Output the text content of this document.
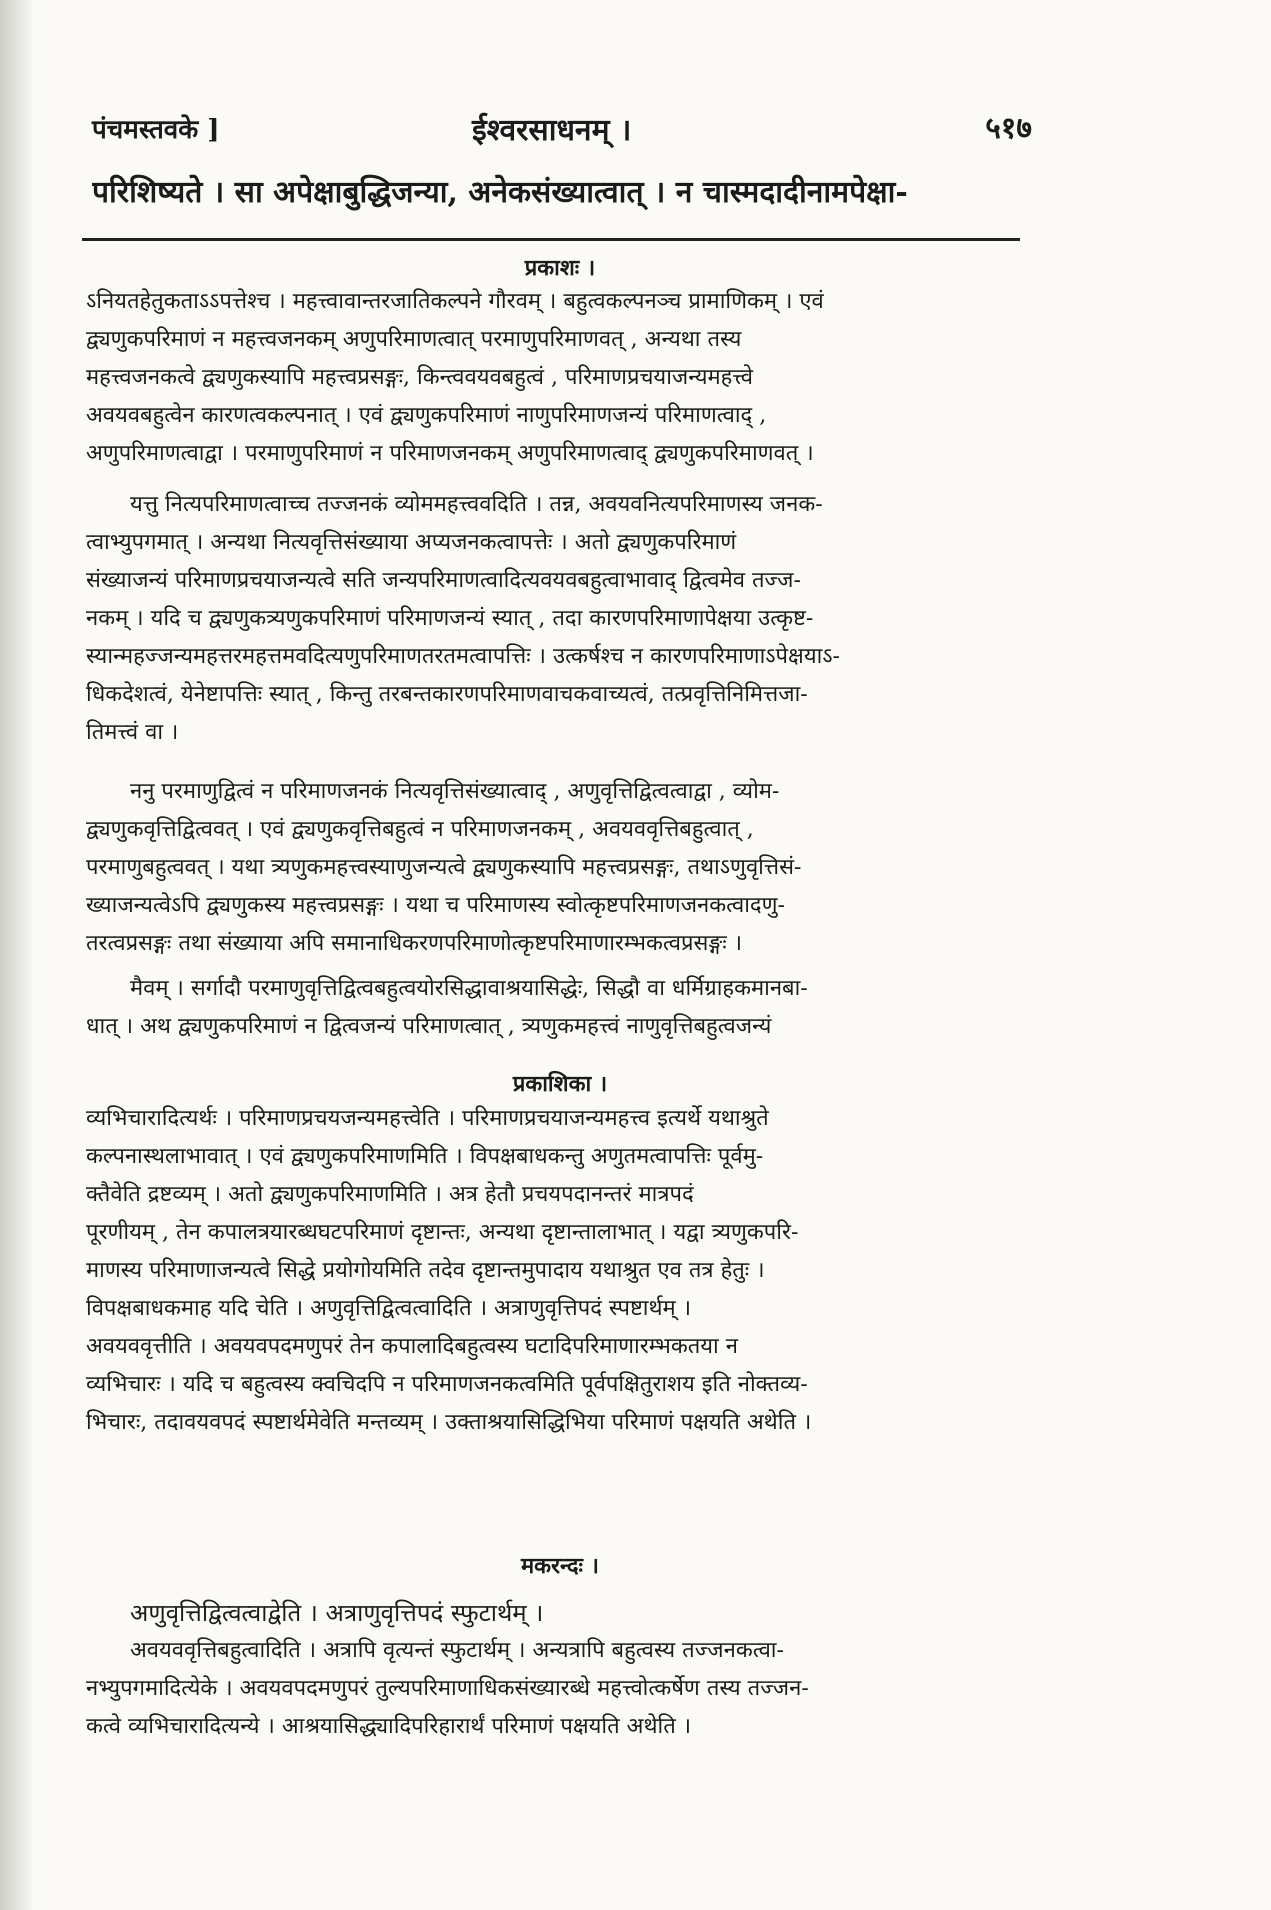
पंचमस्तवके ]	ईश्वरसाधनम् ।	५१७
परिशिष्यते । सा अपेक्षाबुद्धिजन्या, अनेकसंख्यात्वात् । न चास्मदादीनामपेक्षा-
प्रकाशः ।
ऽनियतहेतुकताऽऽपत्तेश्च । महत्त्वावान्तरजातिकल्पने गौरवम् । बहुत्वकल्पनञ्च प्रामाणिकम् । एवं
द्व्यणुकपरिमाणं न महत्त्वजनकम् अणुपरिमाणत्वात् परमाणुपरिमाणवत् , अन्यथा तस्य
महत्त्वजनकत्वे द्व्यणुकस्यापि महत्त्वप्रसङ्गः, किन्त्ववयवबहुत्वं , परिमाणप्रचयाजन्यमहत्त्वे
अवयवबहुत्वेन कारणत्वकल्पनात् । एवं द्व्यणुकपरिमाणं नाणुपरिमाणजन्यं परिमाणत्वाद् ,
अणुपरिमाणत्वाद्वा । परमाणुपरिमाणं न परिमाणजनकम् अणुपरिमाणत्वाद् द्व्यणुकपरिमाणवत् ।
यत्तु नित्यपरिमाणत्वाच्च तज्जनकं व्योममहत्त्ववदिति । तन्न, अवयवनित्यपरिमाणस्य जनक-
त्वाभ्युपगमात् । अन्यथा नित्यवृत्तिसंख्याया अप्यजनकत्वापत्तेः । अतो द्व्यणुकपरिमाणं
संख्याजन्यं परिमाणप्रचयाजन्यत्वे सति जन्यपरिमाणत्वादित्यवयवबहुत्वाभावाद् द्वित्वमेव तज्ज-
नकम् । यदि च द्व्यणुकत्र्यणुकपरिमाणं परिमाणजन्यं स्यात् , तदा कारणपरिमाणापेक्षया उत्कृष्ट-
स्यान्महज्जन्यमहत्तरमहत्तमवदित्यणुपरिमाणतरतमत्वापत्तिः । उत्कर्षश्च न कारणपरिमाणाऽपेक्षयाऽ-
धिकदेशत्वं, येनेष्टापत्तिः स्यात् , किन्तु तरबन्तकारणपरिमाणवाचकवाच्यत्वं, तत्प्रवृत्तिनिमित्तजा-
तिमत्त्वं वा ।
ननु परमाणुद्वित्वं न परिमाणजनकं नित्यवृत्तिसंख्यात्वाद् , अणुवृत्तिद्वित्वत्वाद्वा , व्योम-
द्व्यणुकवृत्तिद्वित्ववत् । एवं द्व्यणुकवृत्तिबहुत्वं न परिमाणजनकम् , अवयववृत्तिबहुत्वात् ,
परमाणुबहुत्ववत् । यथा त्र्यणुकमहत्त्वस्याणुजन्यत्वे द्व्यणुकस्यापि महत्त्वप्रसङ्गः, तथाऽणुवृत्तिसं-
ख्याजन्यत्वेऽपि द्व्यणुकस्य महत्त्वप्रसङ्गः । यथा च परिमाणस्य स्वोत्कृष्टपरिमाणजनकत्वादणु-
तरत्वप्रसङ्गः तथा संख्याया अपि समानाधिकरणपरिमाणोत्कृष्टपरिमाणारम्भकत्वप्रसङ्गः ।
मैवम् । सर्गादौ परमाणुवृत्तिद्वित्वबहुत्वयोरसिद्धावाश्रयासिद्धेः, सिद्धौ वा धर्मिग्राहकमानबा-
धात् । अथ द्व्यणुकपरिमाणं न द्वित्वजन्यं परिमाणत्वात् , त्र्यणुकमहत्त्वं नाणुवृत्तिबहुत्वजन्यं
प्रकाशिका ।
व्यभिचारादित्यर्थः । परिमाणप्रचयजन्यमहत्त्वेति । परिमाणप्रचयाजन्यमहत्त्व इत्यर्थे यथाश्रुते
कल्पनास्थलाभावात् । एवं द्व्यणुकपरिमाणमिति । विपक्षबाधकन्तु अणुतमत्वापत्तिः पूर्वमु-
क्तैवेति द्रष्टव्यम् । अतो द्व्यणुकपरिमाणमिति । अत्र हेतौ प्रचयपदानन्तरं मात्रपदं
पूरणीयम् , तेन कपालत्रयारब्धघटपरिमाणं दृष्टान्तः, अन्यथा दृष्टान्तालाभात् । यद्वा त्र्यणुकपरि-
माणस्य परिमाणाजन्यत्वे सिद्धे प्रयोगोयमिति तदेव दृष्टान्तमुपादाय यथाश्रुत एव तत्र हेतुः ।
विपक्षबाधकमाह यदि चेति । अणुवृत्तिद्वित्वत्वादिति । अत्राणुवृत्तिपदं स्पष्टार्थम् ।
अवयववृत्तीति । अवयवपदमणुपरं तेन कपालादिबहुत्वस्य घटादिपरिमाणारम्भकतया न
व्यभिचारः । यदि च बहुत्वस्य क्वचिदपि न परिमाणजनकत्वमिति पूर्वपक्षितुराशय इति नोक्तव्य-
भिचारः, तदावयवपदं स्पष्टार्थमेवेति मन्तव्यम् । उक्ताश्रयासिद्धिभिया परिमाणं पक्षयति अथेति ।
मकरन्दः ।
अणुवृत्तिद्वित्वत्वाद्वेति । अत्राणुवृत्तिपदं स्फुटार्थम् ।
अवयववृत्तिबहुत्वादिति । अत्रापि वृत्यन्तं स्फुटार्थम् । अन्यत्रापि बहुत्वस्य तज्जनकत्वा-
नभ्युपगमादित्येके । अवयवपदमणुपरं तुल्यपरिमाणाधिकसंख्यारब्धे महत्त्वोत्कर्षेण तस्य तज्जन-
कत्वे व्यभिचारादित्यन्ये । आश्रयासिद्ध्यादिपरिहारार्थं परिमाणं पक्षयति अथेति ।
